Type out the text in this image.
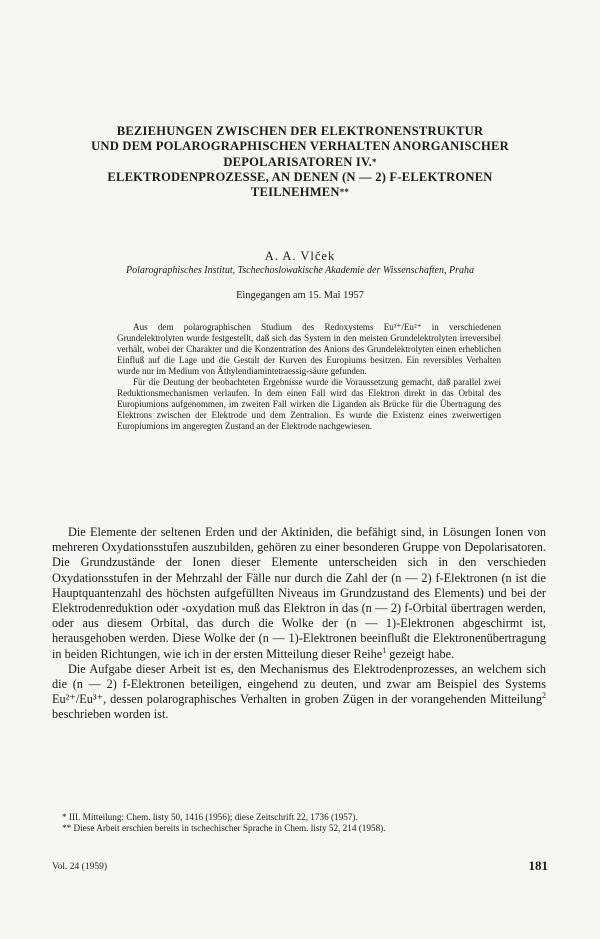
BEZIEHUNGEN ZWISCHEN DER ELEKTRONENSTRUKTUR
UND DEM POLAROGRAPHISCHEN VERHALTEN ANORGANISCHER
DEPOLARISATOREN IV.*
ELEKTRODENPROZESSE, AN DENEN (N — 2) F-ELEKTRONEN
TEILNEHMEN**
A. A. Vlček
Polarographisches Institut, Tschechoslowakische Akademie der Wissenschaften, Praha
Eingegangen am 15. Mai 1957

Aus dem polarographischen Studium des Redoxystems Eu³⁺/Eu²⁺ in verschiedenen Grundelektrolyten wurde festgestellt, daß sich das System in den meisten Grundelektrolyten irreversibel verhält, wobei der Charakter und die Konzentration des Anions des Grundelektrolyten einen erheblichen Einfluß auf die Lage und die Gestalt der Kurven des Europiums besitzen. Ein reversibles Verhalten wurde nur im Medium von Äthylendiamintetraessig-säure gefunden.

Für die Deutung der beobachteten Ergebnisse wurde die Voraussetzung gemacht, daß parallel zwei Reduktionsmechanismen verlaufen. In dem einen Fall wird das Elektron direkt in das Orbital des Europiumions aufgenommen, im zweiten Fall wirken die Liganden als Brücke für die Übertragung des Elektrons zwischen der Elektrode und dem Zentralion. Es wurde die Existenz eines zweiwertigen Europiumions im angeregten Zustand an der Elektrode nachgewiesen.

Die Elemente der seltenen Erden und der Aktiniden, die befähigt sind, in Lösungen Ionen von mehreren Oxydationsstufen auszubilden, gehören zu einer besonderen Gruppe von Depolarisatoren. Die Grundzustände der Ionen dieser Elemente unterscheiden sich in den verschieden Oxydationsstufen in der Mehrzahl der Fälle nur durch die Zahl der (n — 2) f-Elektronen (n ist die Hauptquantenzahl des höchsten aufgefüllten Niveaus im Grundzustand des Elements) und bei der Elektrodenreduktion oder -oxydation muß das Elektron in das (n — 2) f-Orbital übertragen werden, oder aus diesem Orbital, das durch die Wolke der (n — 1)-Elektronen abgeschirmt ist, herausgehoben werden. Diese Wolke der (n — 1)-Elektronen beeinflußt die Elektronenübertragung in beiden Richtungen, wie ich in der ersten Mitteilung dieser Reihe$^1$ gezeigt habe.

Die Aufgabe dieser Arbeit ist es, den Mechanismus des Elektrodenprozesses, an welchem sich die (n — 2) f-Elektronen beteiligen, eingehend zu deuten, und zwar am Beispiel des Systems Eu²⁺/Eu³⁺, dessen polarographisches Verhalten in groben Zügen in der vorangehenden Mitteilung$^2$ beschrieben worden ist.

* III. Mitteilung: Chem. listy 50, 1416 (1956); diese Zeitschrift 22, 1736 (1957).
** Diese Arbeit erschien bereits in tschechischer Sprache in Chem. listy 52, 214 (1958).
Vol. 24 (1959)	181
